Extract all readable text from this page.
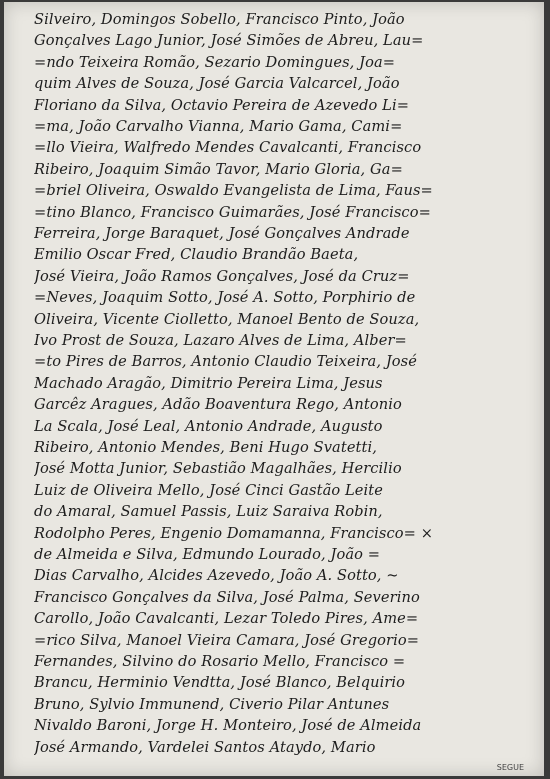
Silveiro, Domingos Sobello, Francisco Pinto, João
Gonçalves Lago Junior, José Simões de Abreu, Lau=
=ndo Teixeira Romão, Sezario Domingues, Joa=
quim Alves de Souza, José Garcia Valcarcel, João
Floriano da Silva, Octavio Pereira de Azevedo Li=
=ma, João Carvalho Vianna, Mario Gama, Cami=
=llo Vieira, Walfredo Mendes Cavalcanti, Francisco
Ribeiro, Joaquim Simão Tavor, Mario Gloria, Ga=
=briel Oliveira, Oswaldo Evangelista de Lima, Faus=
=tino Blanco, Francisco Guimarães, José Francisco=
Ferreira, Jorge Baraquet, José Gonçalves Andrade
Emilio Oscar Fred, Claudio Brandão Baeta,
José Vieira, João Ramos Gonçalves, José da Cruz=
=Neves, Joaquim Sotto, José A. Sotto, Porphirio de
Oliveira, Vicente Ciolletto, Manoel Bento de Souza,
Ivo Prost de Souza, Lazaro Alves de Lima, Alber=
=to Pires de Barros, Antonio Claudio Teixeira, José
Machado Aragão, Dimitrio Pereira Lima, Jesus
Garcêz Aragues, Adão Boaventura Rego, Antonio
La Scala, José Leal, Antonio Andrade, Augusto
Ribeiro, Antonio Mendes, Beni Hugo Svatetti,
José Motta Junior, Sebastião Magalhães, Hercilio
Luiz de Oliveira Mello, José Cinci Gastão Leite
do Amaral, Samuel Passis, Luiz Saraiva Robin,
Rodolpho Peres, Engenio Domamanna, Francisco= ×
de Almeida e Silva, Edmundo Lourado, João =
Dias Carvalho, Alcides Azevedo, João A. Sotto, ~
Francisco Gonçalves da Silva, José Palma, Severino
Carollo, João Cavalcanti, Lezar Toledo Pires, Ame=
=rico Silva, Manoel Vieira Camara, José Gregorio=
Fernandes, Silvino do Rosario Mello, Francisco =
Brancu, Herminio Vendtta, José Blanco, Belquirio
Bruno, Sylvio Immunend, Civerio Pilar Antunes
Nivaldo Baroni, Jorge H. Monteiro, José de Almeida
José Armando, Vardelei Santos Ataydo, Mario
SEGUE
